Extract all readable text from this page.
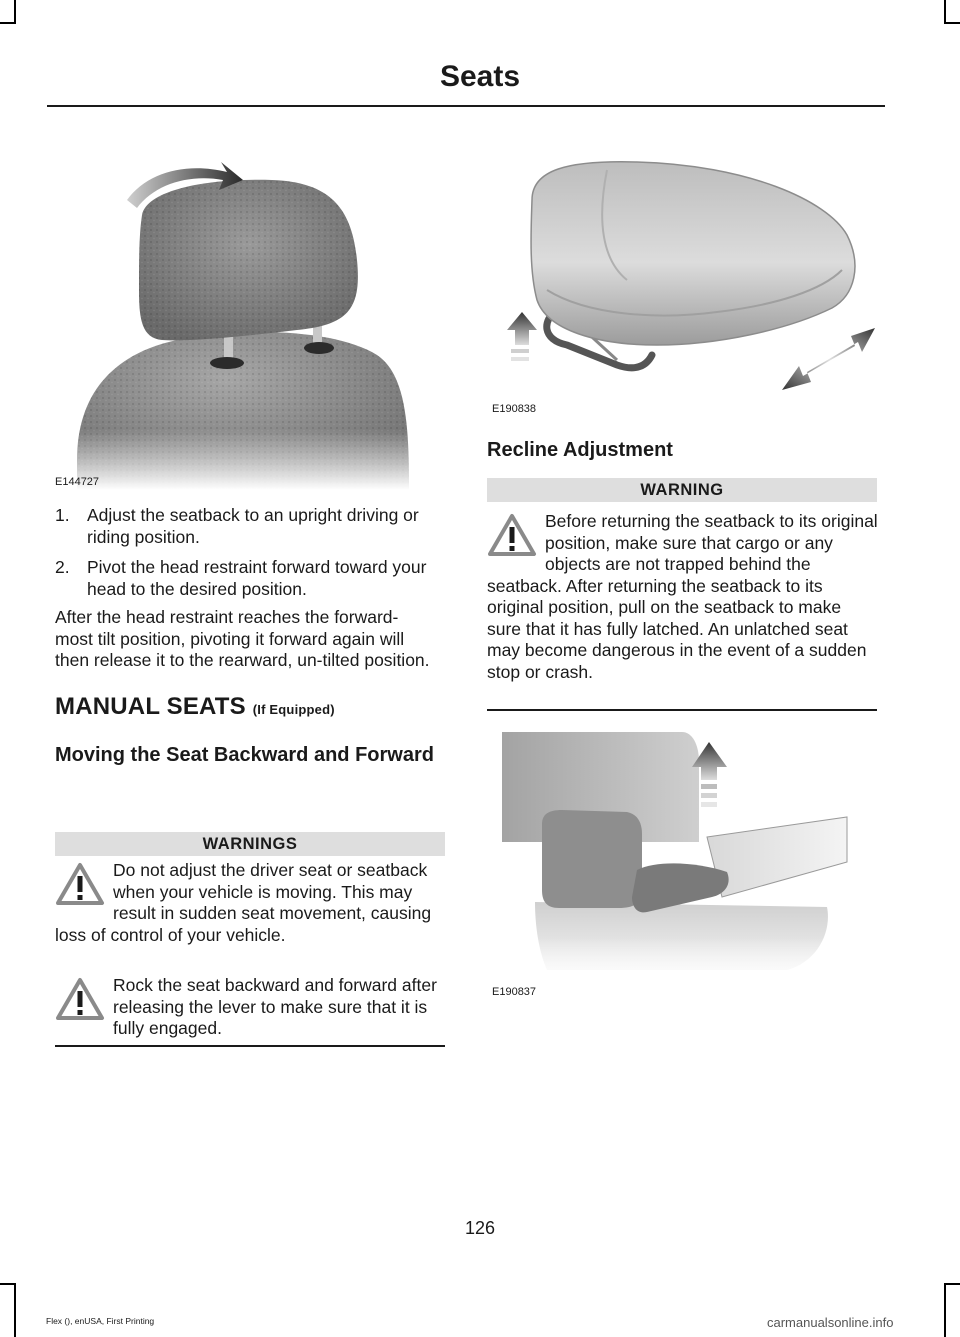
Seats
E144727
1. Adjust the seatback to an upright driving or riding position.
2. Pivot the head restraint forward toward your head to the desired position.
After the head restraint reaches the forward-most tilt position, pivoting it forward again will then release it to the rearward, un-tilted position.
MANUAL SEATS (If Equipped)
Moving the Seat Backward and Forward
WARNINGS
Do not adjust the driver seat or seatback when your vehicle is moving. This may result in sudden seat movement, causing loss of control of your vehicle.
Rock the seat backward and forward after releasing the lever to make sure that it is fully engaged.
E190838
Recline Adjustment
WARNING
Before returning the seatback to its original position, make sure that cargo or any objects are not trapped behind the seatback. After returning the seatback to its original position, pull on the seatback to make sure that it has fully latched. An unlatched seat may become dangerous in the event of a sudden stop or crash.
E190837
126
Flex (), enUSA, First Printing	carmanualsonline.info
